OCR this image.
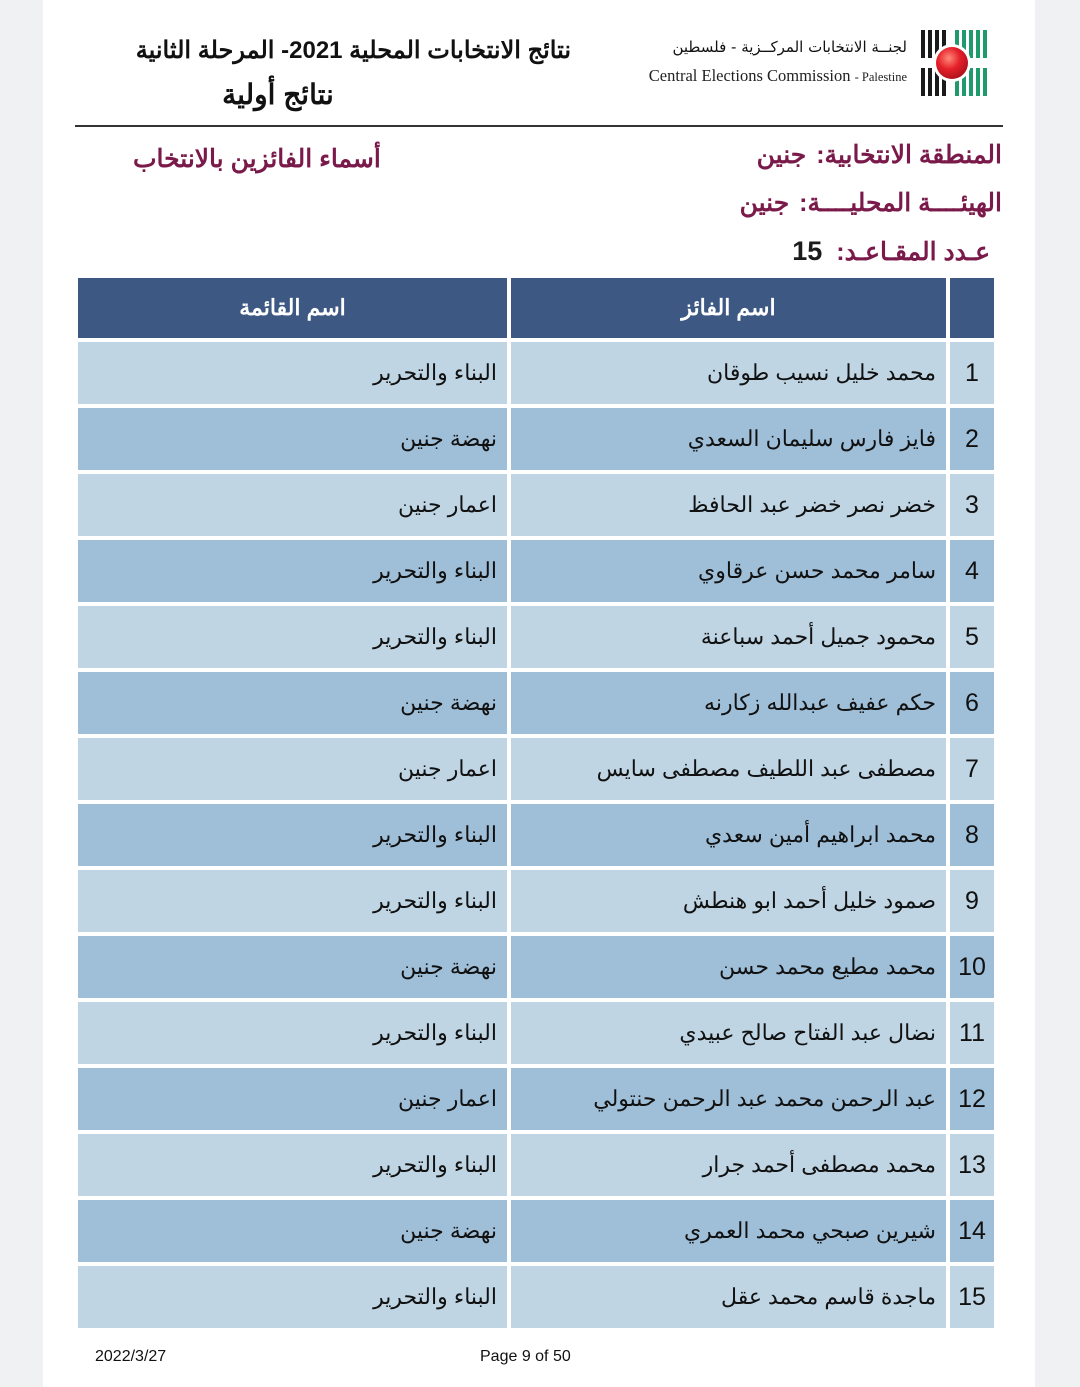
لجنــة الانتخابات المركــزية - فلسطين
Central Elections Commission - Palestine
نتائج الانتخابات المحلية 2021- المرحلة الثانية
نتائج أولية
المنطقة الانتخابية:جنين
الهيئــــة المحليــــة:جنين
عـدد المقـاعـد:15
أسماء الفائزين بالانتخاب
	اسم الفائز	اسم القائمة
1	محمد خليل نسيب طوقان	البناء والتحرير
2	فايز فارس سليمان السعدي	نهضة جنين
3	خضر نصر خضر عبد الحافظ	اعمار جنين
4	سامر محمد حسن عرقاوي	البناء والتحرير
5	محمود جميل أحمد سباعنة	البناء والتحرير
6	حكم عفيف عبدالله زكارنه	نهضة جنين
7	مصطفى عبد اللطيف مصطفى سايس	اعمار جنين
8	محمد ابراهيم أمين سعدي	البناء والتحرير
9	صمود خليل أحمد ابو هنطش	البناء والتحرير
10	محمد مطيع محمد حسن	نهضة جنين
11	نضال عبد الفتاح صالح عبيدي	البناء والتحرير
12	عبد الرحمن محمد عبد الرحمن حنتولي	اعمار جنين
13	محمد مصطفى أحمد جرار	البناء والتحرير
14	شيرين صبحي محمد العمري	نهضة جنين
15	ماجدة قاسم محمد عقل	البناء والتحرير
2022/3/27	Page 9 of 50
